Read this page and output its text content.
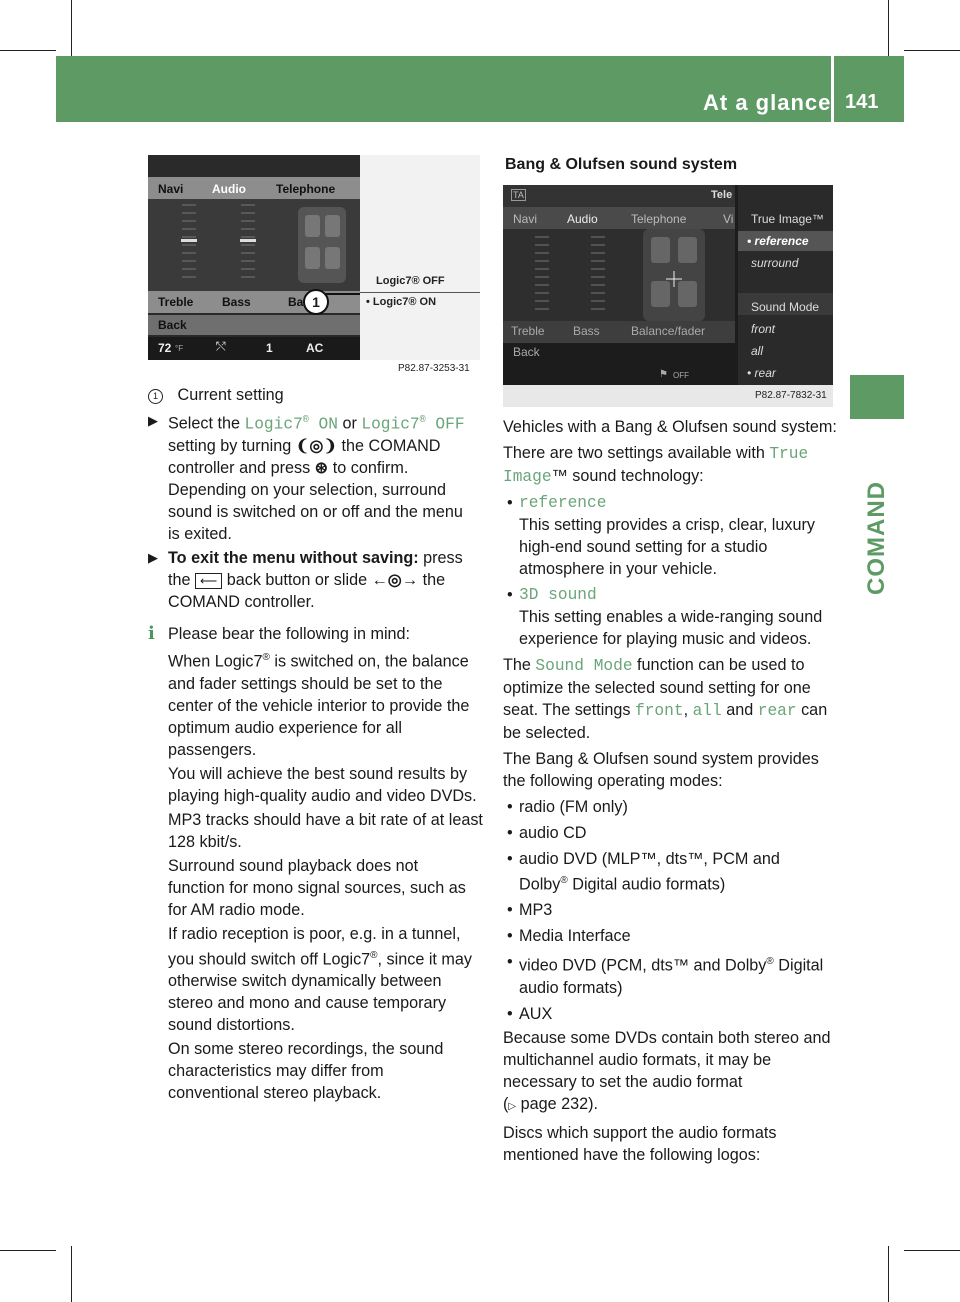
At a glance 141
COMAND
Navi Audio	Telephone
Treble Bass	Ba
Back
72 °F	⤲	1	AC
Logic7® OFF
• Logic7® ON
1
P82.87-3253-31
1 Current setting
▶ Select the Logic7® ON or Logic7® OFF
setting by turning ❨◎❩ the COMAND
controller and press ⊛ to confirm.
Depending on your selection, surround
sound is switched on or off and the menu
is exited.
▶ To exit the menu without saving: press
the ⟵ back button or slide ←◎→ the
COMAND controller.
i Please bear the following in mind:
When Logic7® is switched on, the balance
and fader settings should be set to the
center of the vehicle interior to provide the
optimum audio experience for all
passengers.
You will achieve the best sound results by
playing high-quality audio and video DVDs.
MP3 tracks should have a bit rate of at least
128 kbit/s.
Surround sound playback does not
function for mono signal sources, such as
for AM radio mode.
If radio reception is poor, e.g. in a tunnel,
you should switch off Logic7®, since it may
otherwise switch dynamically between
stereo and mono and cause temporary
sound distortions.
On some stereo recordings, the sound
characteristics may differ from
conventional stereo playback.
Bang & Olufsen sound system
TA	Tele
Navi Audio	Telephone	Vi
Treble Bass	Balance/fader
Back
⚑ OFF
True Image™
• reference
surround
Sound Mode
front
all
• rear
P82.87-7832-31
Vehicles with a Bang & Olufsen sound system:
There are two settings available with True
Image™ sound technology:
• reference
This setting provides a crisp, clear, luxury
high-end sound setting for a studio
atmosphere in your vehicle.
• 3D sound
This setting enables a wide-ranging sound
experience for playing music and videos.
The Sound Mode function can be used to
optimize the selected sound setting for one
seat. The settings front, all and rear can
be selected.
The Bang & Olufsen sound system provides
the following operating modes:
• radio (FM only)
• audio CD
• audio DVD (MLP™, dts™, PCM and
Dolby® Digital audio formats)
• MP3
• Media Interface
• video DVD (PCM, dts™ and Dolby® Digital
audio formats)
• AUX
Because some DVDs contain both stereo and
multichannel audio formats, it may be
necessary to set the audio format
(▷ page 232).
Discs which support the audio formats
mentioned have the following logos:
